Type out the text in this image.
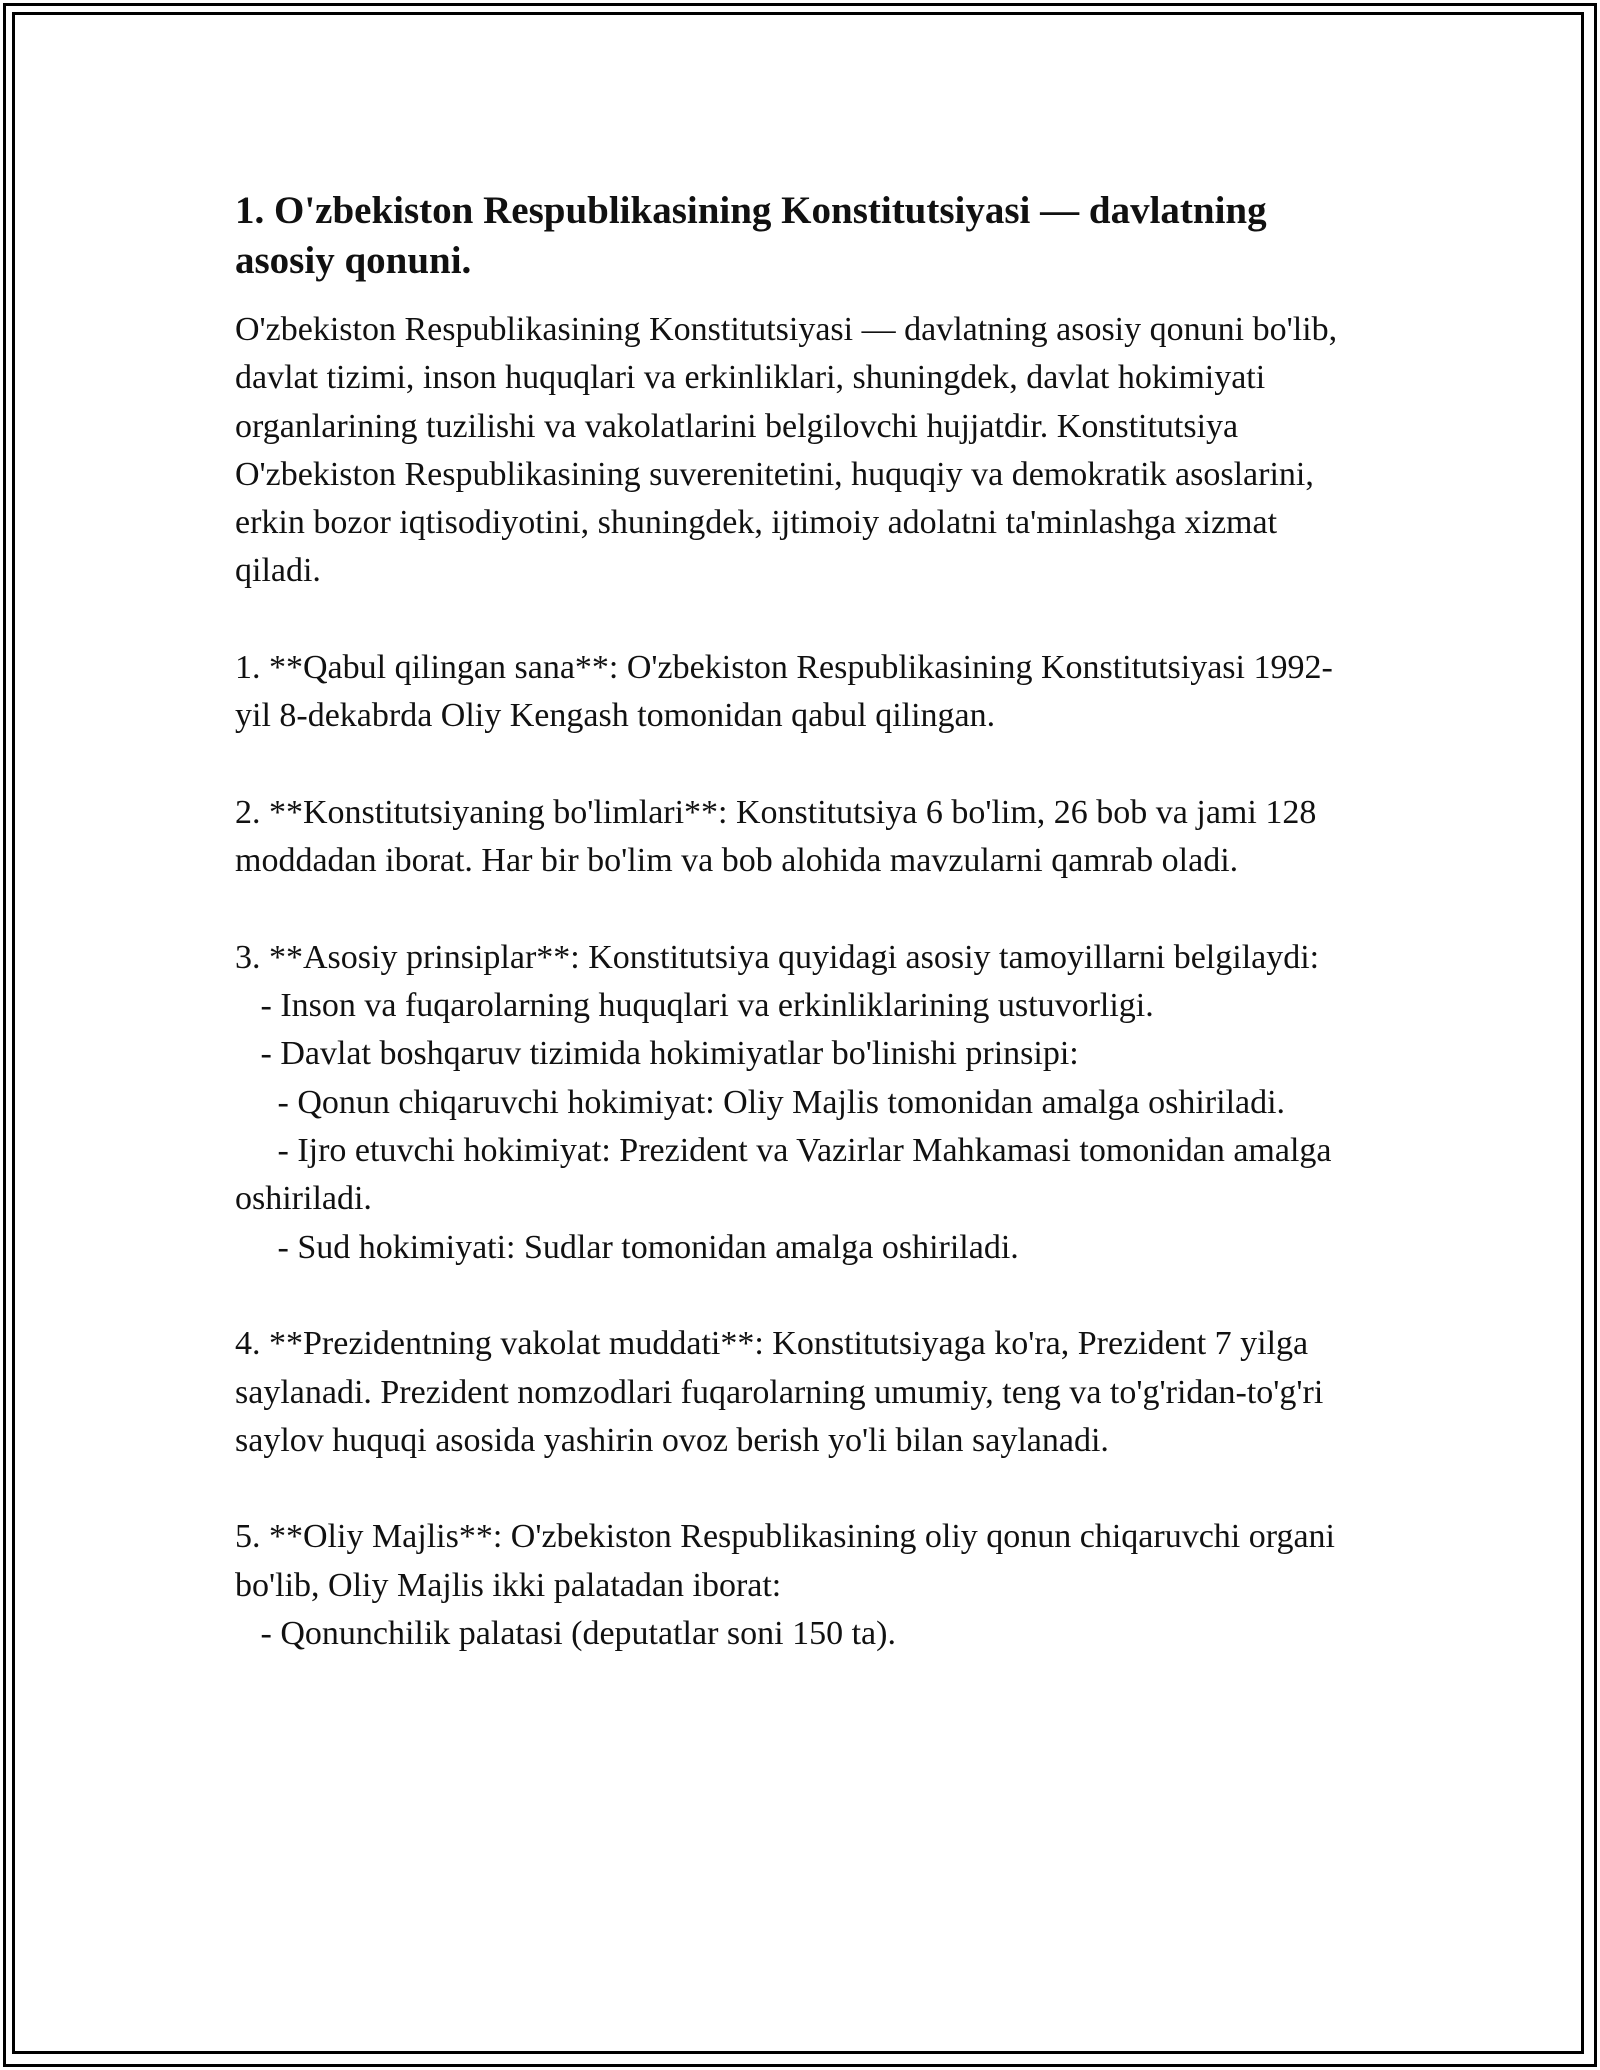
1. O'zbekiston Respublikasining Konstitutsiyasi — davlatning asosiy qonuni.
O'zbekiston Respublikasining Konstitutsiyasi — davlatning asosiy qonuni bo'lib, davlat tizimi, inson huquqlari va erkinliklari, shuningdek, davlat hokimiyati organlarining tuzilishi va vakolatlarini belgilovchi hujjatdir. Konstitutsiya O'zbekiston Respublikasining suverenitetini, huquqiy va demokratik asoslarini, erkin bozor iqtisodiyotini, shuningdek, ijtimoiy adolatni ta'minlashga xizmat qiladi.

1. **Qabul qilingan sana**: O'zbekiston Respublikasining Konstitutsiyasi 1992-yil 8-dekabrda Oliy Kengash tomonidan qabul qilingan.

2. **Konstitutsiyaning bo'limlari**: Konstitutsiya 6 bo'lim, 26 bob va jami 128 moddadan iborat. Har bir bo'lim va bob alohida mavzularni qamrab oladi.

3. **Asosiy prinsiplar**: Konstitutsiya quyidagi asosiy tamoyillarni belgilaydi:
- Inson va fuqarolarning huquqlari va erkinliklarining ustuvorligi.
- Davlat boshqaruv tizimida hokimiyatlar bo'linishi prinsipi:
- Qonun chiqaruvchi hokimiyat: Oliy Majlis tomonidan amalga oshiriladi.
- Ijro etuvchi hokimiyat: Prezident va Vazirlar Mahkamasi tomonidan amalga oshiriladi.
- Sud hokimiyati: Sudlar tomonidan amalga oshiriladi.

4. **Prezidentning vakolat muddati**: Konstitutsiyaga ko'ra, Prezident 7 yilga saylanadi. Prezident nomzodlari fuqarolarning umumiy, teng va to'g'ridan-to'g'ri saylov huquqi asosida yashirin ovoz berish yo'li bilan saylanadi.

5. **Oliy Majlis**: O'zbekiston Respublikasining oliy qonun chiqaruvchi organi bo'lib, Oliy Majlis ikki palatadan iborat:
- Qonunchilik palatasi (deputatlar soni 150 ta).
